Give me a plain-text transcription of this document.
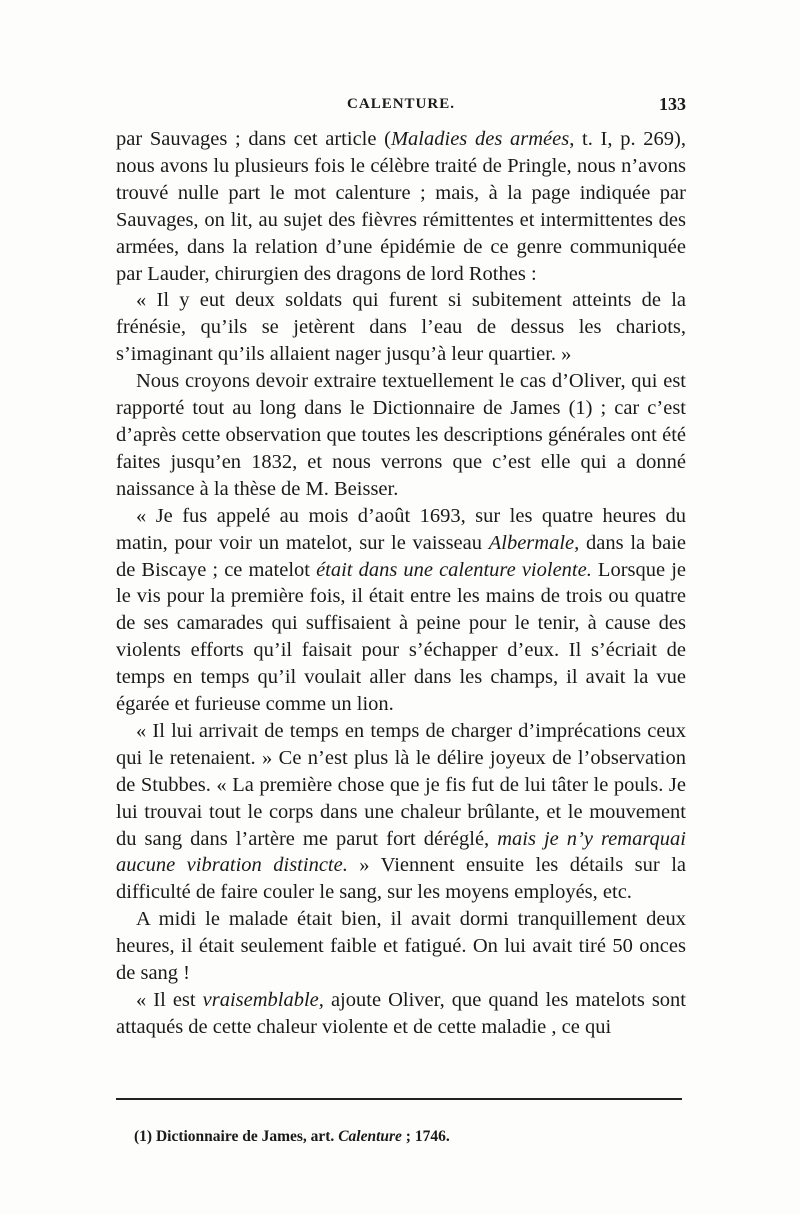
CALENTURE.	133

par Sauvages ; dans cet article (Maladies des armées, t. I, p. 269), nous avons lu plusieurs fois le célèbre traité de Pringle, nous n’avons trouvé nulle part le mot calenture ; mais, à la page indiquée par Sauvages, on lit, au sujet des fièvres rémittentes et intermittentes des armées, dans la relation d’une épidémie de ce genre communiquée par Lauder, chirurgien des dragons de lord Rothes :

« Il y eut deux soldats qui furent si subitement atteints de la frénésie, qu’ils se jetèrent dans l’eau de dessus les chariots, s’imaginant qu’ils allaient nager jusqu’à leur quartier. »

Nous croyons devoir extraire textuellement le cas d’Oliver, qui est rapporté tout au long dans le Dictionnaire de James (1) ; car c’est d’après cette observation que toutes les descriptions générales ont été faites jusqu’en 1832, et nous verrons que c’est elle qui a donné naissance à la thèse de M. Beisser.

« Je fus appelé au mois d’août 1693, sur les quatre heures du matin, pour voir un matelot, sur le vaisseau Albermale, dans la baie de Biscaye ; ce matelot était dans une calenture violente. Lorsque je le vis pour la première fois, il était entre les mains de trois ou quatre de ses camarades qui suffisaient à peine pour le tenir, à cause des violents efforts qu’il faisait pour s’échapper d’eux. Il s’écriait de temps en temps qu’il voulait aller dans les champs, il avait la vue égarée et furieuse comme un lion.

« Il lui arrivait de temps en temps de charger d’imprécations ceux qui le retenaient. » Ce n’est plus là le délire joyeux de l’observation de Stubbes. « La première chose que je fis fut de lui tâter le pouls. Je lui trouvai tout le corps dans une chaleur brûlante, et le mouvement du sang dans l’artère me parut fort déréglé, mais je n’y remarquai aucune vibration distincte. » Viennent ensuite les détails sur la difficulté de faire couler le sang, sur les moyens employés, etc.

A midi le malade était bien, il avait dormi tranquillement deux heures, il était seulement faible et fatigué. On lui avait tiré 50 onces de sang !

« Il est vraisemblable, ajoute Oliver, que quand les matelots sont attaqués de cette chaleur violente et de cette maladie , ce qui

(1) Dictionnaire de James, art. Calenture ; 1746.
